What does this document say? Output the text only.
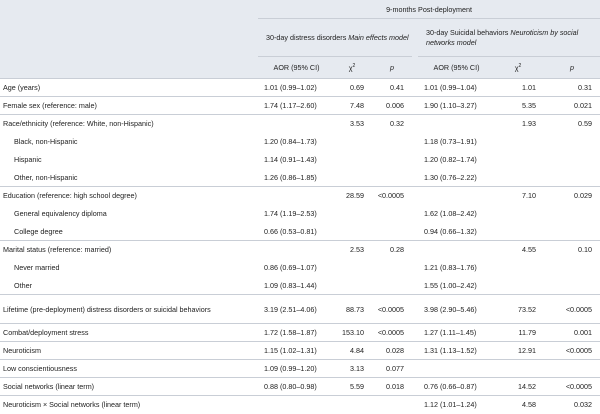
	9-months Post-deployment						
	30-day distress disorders Main effects model				30-day Suicidal behaviors Neuroticism by social networks model		
	AOR (95% CI)	$\chi^2$	p		AOR (95% CI)	$\chi^2$	p
Age (years)	1.01 (0.99–1.02)	0.69	0.41		1.01 (0.99–1.04)	1.01	0.31
Female sex (reference: male)	1.74 (1.17–2.60)	7.48	0.006		1.90 (1.10–3.27)	5.35	0.021
Race/ethnicity (reference: White, non-Hispanic)		3.53	0.32			1.93	0.59
Black, non-Hispanic	1.20 (0.84–1.73)				1.18 (0.73–1.91)		
Hispanic	1.14 (0.91–1.43)				1.20 (0.82–1.74)		
Other, non-Hispanic	1.26 (0.86–1.85)				1.30 (0.76–2.22)		
Education (reference: high school degree)		28.59	<0.0005			7.10	0.029
General equivalency diploma	1.74 (1.19–2.53)				1.62 (1.08–2.42)		
College degree	0.66 (0.53–0.81)				0.94 (0.66–1.32)		
Marital status (reference: married)		2.53	0.28			4.55	0.10
Never married	0.86 (0.69–1.07)				1.21 (0.83–1.76)		
Other	1.09 (0.83–1.44)				1.55 (1.00–2.42)		
Lifetime (pre-deployment) distress disorders or suicidal behaviors	3.19 (2.51–4.06)	88.73	<0.0005		3.98 (2.90–5.46)	73.52	<0.0005
Combat/deployment stress	1.72 (1.58–1.87)	153.10	<0.0005		1.27 (1.11–1.45)	11.79	0.001
Neuroticism	1.15 (1.02–1.31)	4.84	0.028		1.31 (1.13–1.52)	12.91	<0.0005
Low conscientiousness	1.09 (0.99–1.20)	3.13	0.077				
Social networks (linear term)	0.88 (0.80–0.98)	5.59	0.018		0.76 (0.66–0.87)	14.52	<0.0005
Neuroticism × Social networks (linear term)					1.12 (1.01–1.24)	4.58	0.032
